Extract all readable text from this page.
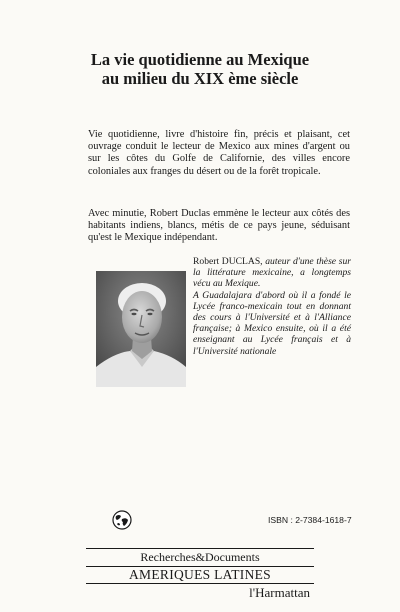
La vie quotidienne au Mexique
au milieu du XIX ème siècle
Vie quotidienne, livre d'histoire fin, précis et plaisant, cet ouvrage conduit le lecteur de Mexico aux mines d'argent ou sur les côtes du Golfe de Californie, des villes encore coloniales aux franges du désert ou de la forêt tropicale.
Avec minutie, Robert Duclas emmène le lecteur aux côtés des habitants indiens, blancs, métis de ce pays jeune, séduisant qu'est le Mexique indépendant.

Robert DUCLAS, auteur d'une thèse sur la littérature mexicaine, a longtemps vécu au Mexique.

A Guadalajara d'abord où il a fondé le Lycée franco-mexicain tout en donnant des cours à l'Université et à l'Alliance française; à Mexico ensuite, où il a été enseignant au Lycée français et à l'Université nationale

ISBN : 2-7384-1618-7
Recherches&Documents
AMERIQUES LATINES
l'Harmattan
